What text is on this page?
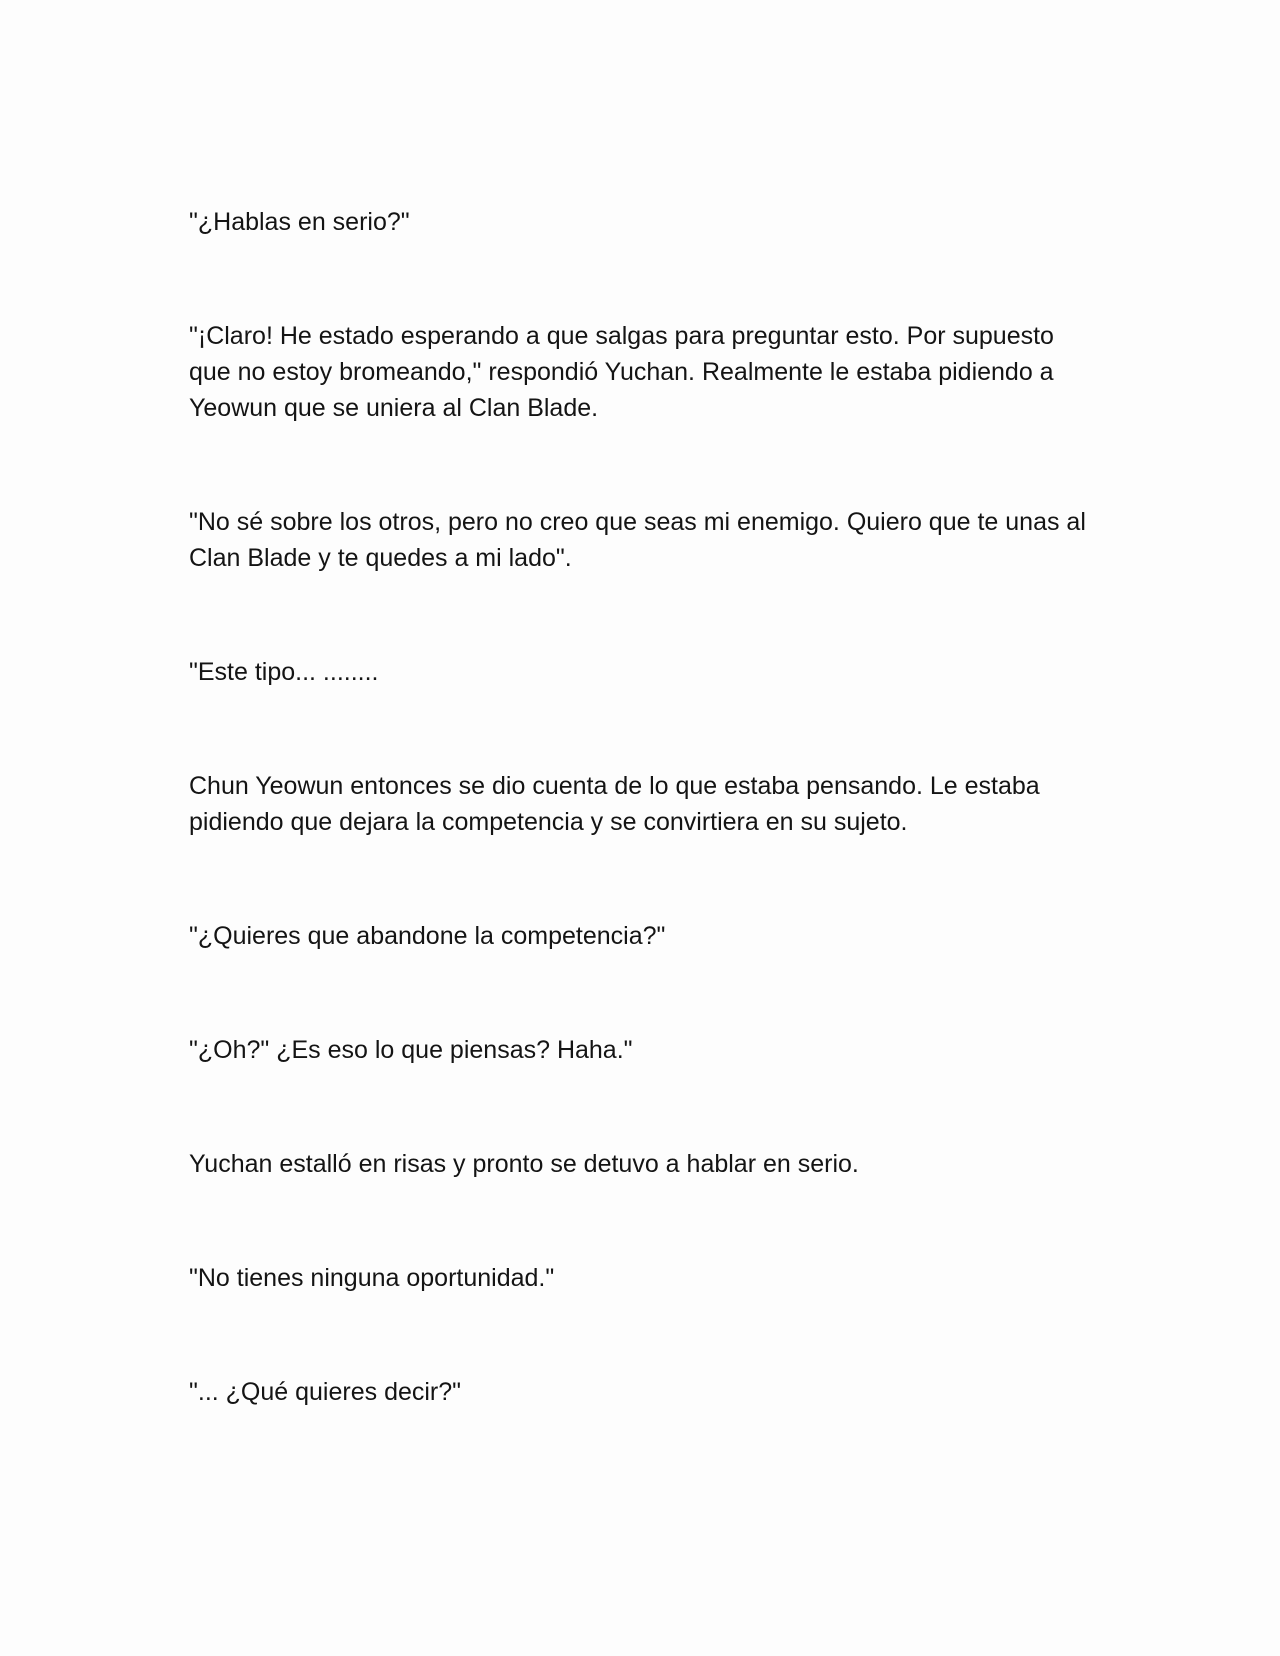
"¿Hablas en serio?"

"¡Claro! He estado esperando a que salgas para preguntar esto. Por supuesto que no estoy bromeando," respondió Yuchan. Realmente le estaba pidiendo a Yeowun que se uniera al Clan Blade.

"No sé sobre los otros, pero no creo que seas mi enemigo. Quiero que te unas al Clan Blade y te quedes a mi lado".

"Este tipo... ........

Chun Yeowun entonces se dio cuenta de lo que estaba pensando. Le estaba pidiendo que dejara la competencia y se convirtiera en su sujeto.

"¿Quieres que abandone la competencia?"

"¿Oh?" ¿Es eso lo que piensas? Haha."

Yuchan estalló en risas y pronto se detuvo a hablar en serio.

"No tienes ninguna oportunidad."

"... ¿Qué quieres decir?"
